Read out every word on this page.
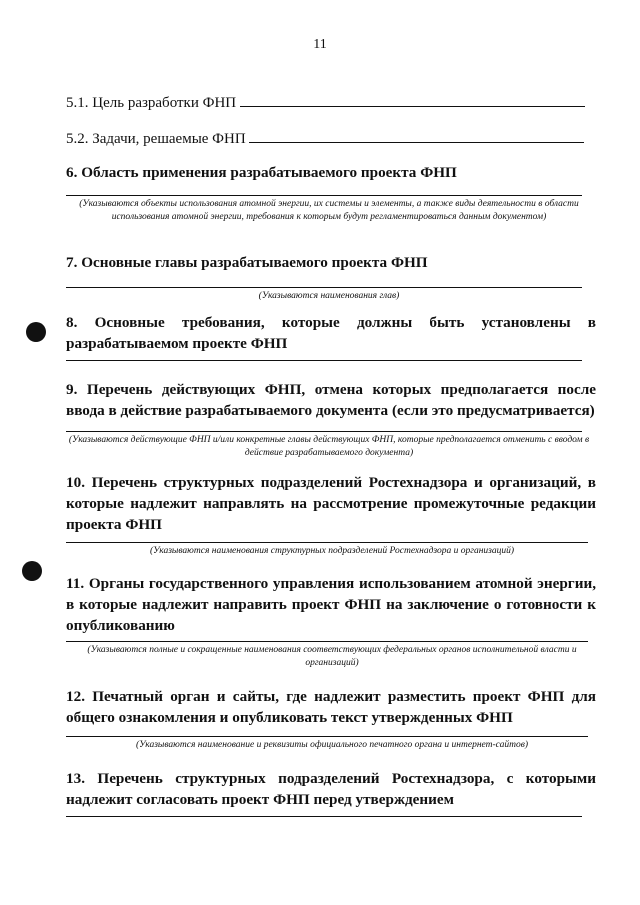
11
5.1. Цель разработки ФНП
5.2. Задачи, решаемые ФНП
6. Область применения разрабатываемого проекта ФНП
(Указываются объекты использования атомной энергии, их системы и элементы, а также виды деятельности в области использования атомной энергии, требования к которым будут регламентироваться данным документом)
7. Основные главы разрабатываемого проекта ФНП
(Указываются наименования глав)
8. Основные требования, которые должны быть установлены в разрабатываемом проекте ФНП
9. Перечень действующих ФНП, отмена которых предполагается после ввода в действие разрабатываемого документа (если это предусматривается)
(Указываются действующие ФНП и/или конкретные главы действующих ФНП, которые предполагается отменить с вводом в действие разрабатываемого документа)
10. Перечень структурных подразделений Ростехнадзора и организаций, в которые надлежит направлять на рассмотрение промежуточные редакции проекта ФНП
(Указываются наименования структурных подразделений Ростехнадзора и организаций)
11. Органы государственного управления использованием атомной энергии, в которые надлежит направить проект ФНП на заключение о готовности к опубликованию
(Указываются полные и сокращенные наименования соответствующих федеральных органов исполнительной власти и организаций)
12. Печатный орган и сайты, где надлежит разместить проект ФНП для общего ознакомления и опубликовать текст утвержденных ФНП
(Указываются наименование и реквизиты официального печатного органа и интернет-сайтов)
13. Перечень структурных подразделений Ростехнадзора, с которыми надлежит согласовать проект ФНП перед утверждением
